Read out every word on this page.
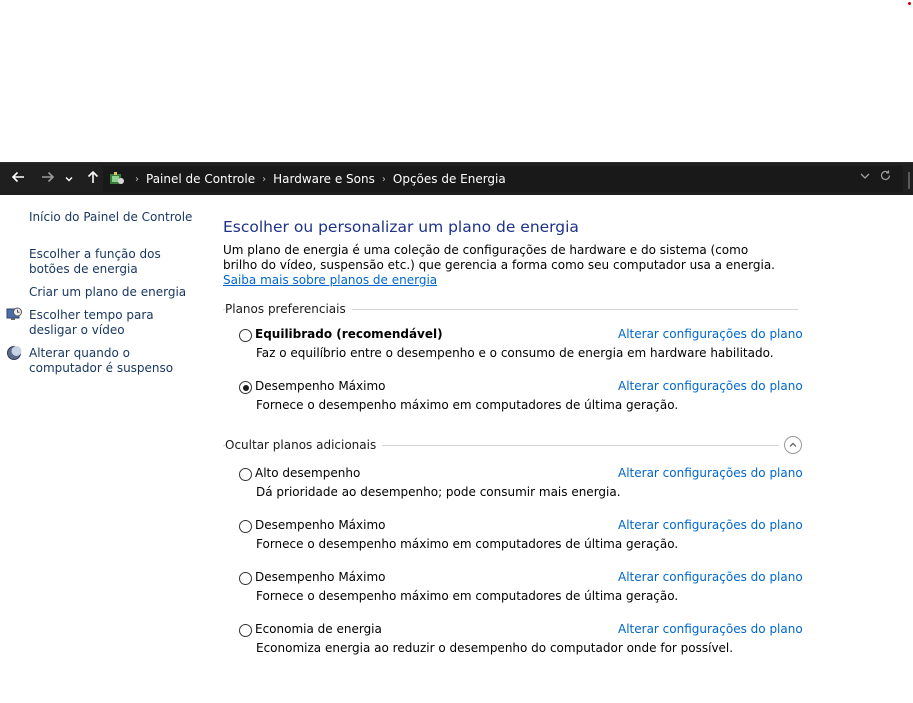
› Painel de Controle › Hardware e Sons › Opções de Energia
Início do Painel de Controle
Escolher a função dos botões de energia
Criar um plano de energia
Escolher tempo para desligar o vídeo
Alterar quando o computador é suspenso
Escolher ou personalizar um plano de energia
Um plano de energia é uma coleção de configurações de hardware e do sistema (como brilho do vídeo, suspensão etc.) que gerencia a forma como seu computador usa a energia. Saiba mais sobre planos de energia
Planos preferenciais
Equilibrado (recomendável)	Alterar configurações do plano
Faz o equilíbrio entre o desempenho e o consumo de energia em hardware habilitado.
Desempenho Máximo	Alterar configurações do plano
Fornece o desempenho máximo em computadores de última geração.
Ocultar planos adicionais
Alto desempenho	Alterar configurações do plano
Dá prioridade ao desempenho; pode consumir mais energia.
Desempenho Máximo	Alterar configurações do plano
Fornece o desempenho máximo em computadores de última geração.
Desempenho Máximo	Alterar configurações do plano
Fornece o desempenho máximo em computadores de última geração.
Economia de energia	Alterar configurações do plano
Economiza energia ao reduzir o desempenho do computador onde for possível.
